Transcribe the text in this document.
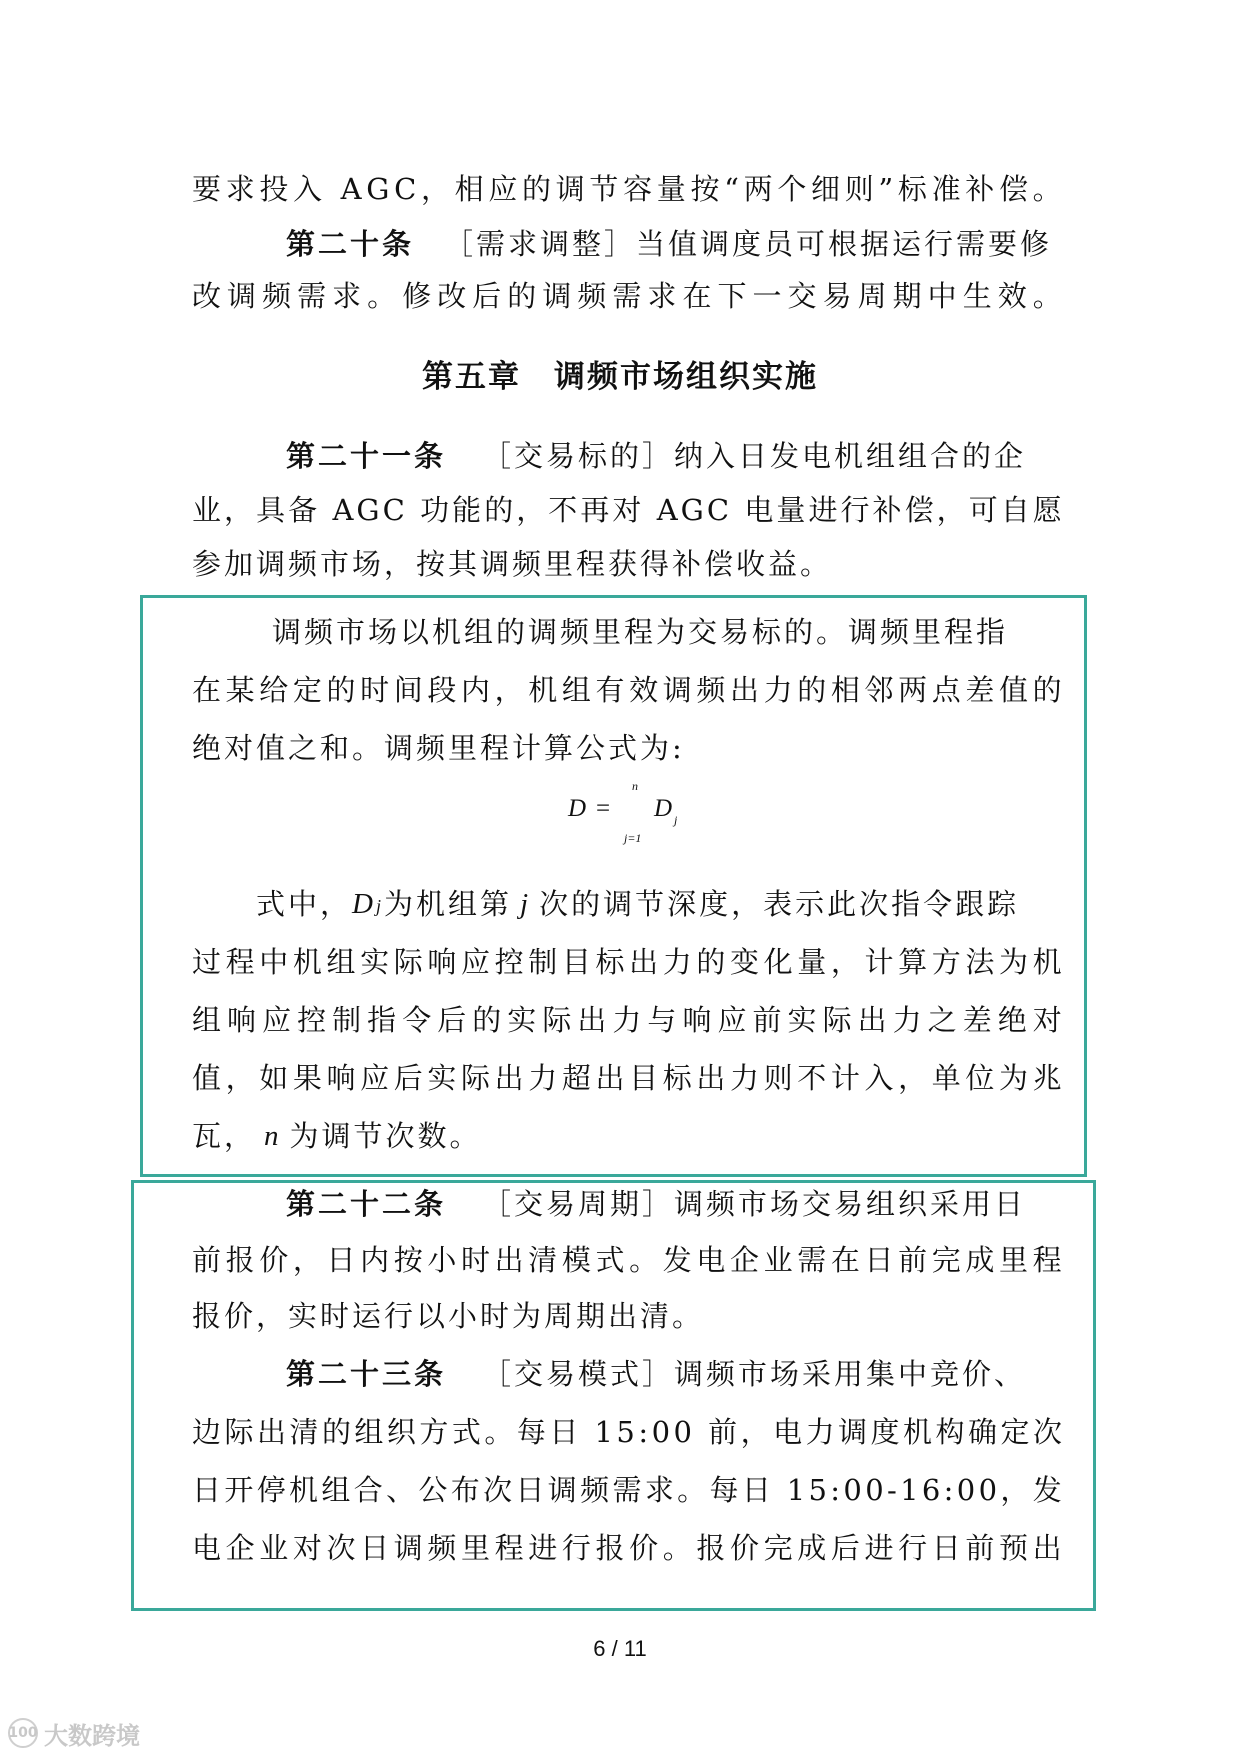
要 求 投 入
A G C ， 相 应 的 调 节 容 量 按 “ 两 个 细 则 ” 标 准 补 偿 。
第二十条 ［需求调整］当值调度员可根据运行需要修
改 调 频 需 求 。 修 改 后 的 调 频 需 求 在 下 一 交 易 周 期 中 生 效 。
第五章　调频市场组织实施
第二十一条 ［交易标的］纳入日发电机组组合的企
业 ， 具 备
A G C
功 能 的 ， 不 再 对
A G C
电 量 进 行 补 偿 ， 可 自 愿
参加调频市场，按其调频里程获得补偿收益。
调频市场以机组的调频里程为交易标的。调频里程指
在 某 给 定 的 时 间 段 内 ， 机 组 有 效 调 频 出 力 的 相 邻 两 点 差 值 的
绝对值之和。调频里程计算公式为:
D =
n
j=1
D j
式中， D j 为机组第 j 次的调节深度，表示此次指令跟踪
过 程 中 机 组 实 际 响 应 控 制 目 标 出 力 的 变 化 量 ， 计 算 方 法 为 机
组 响 应 控 制 指 令 后 的 实 际 出 力 与 响 应 前 实 际 出 力 之 差 绝 对
值 ， 如 果 响 应 后 实 际 出 力 超 出 目 标 出 力 则 不 计 入 ， 单 位 为 兆
瓦， n 为调节次数。
第二十二条 ［交易周期］调频市场交易组织采用日
前 报 价 ， 日 内 按 小 时 出 清 模 式 。 发 电 企 业 需 在 日 前 完 成 里 程
报价，实时运行以小时为周期出清。
第二十三条 ［交易模式］调频市场采用集中竞价、
边 际 出 清 的 组 织 方 式 。 每 日
1 5 : 0 0
前 ， 电 力 调 度 机 构 确 定 次
日 开 停 机 组 合 、 公 布 次 日 调 频 需 求 。 每 日
1 5 : 0 0 - 1 6 : 0 0 ， 发
电 企 业 对 次 日 调 频 里 程 进 行 报 价 。 报 价 完 成 后 进 行 日 前 预 出
6 / 11
100 大数跨境
